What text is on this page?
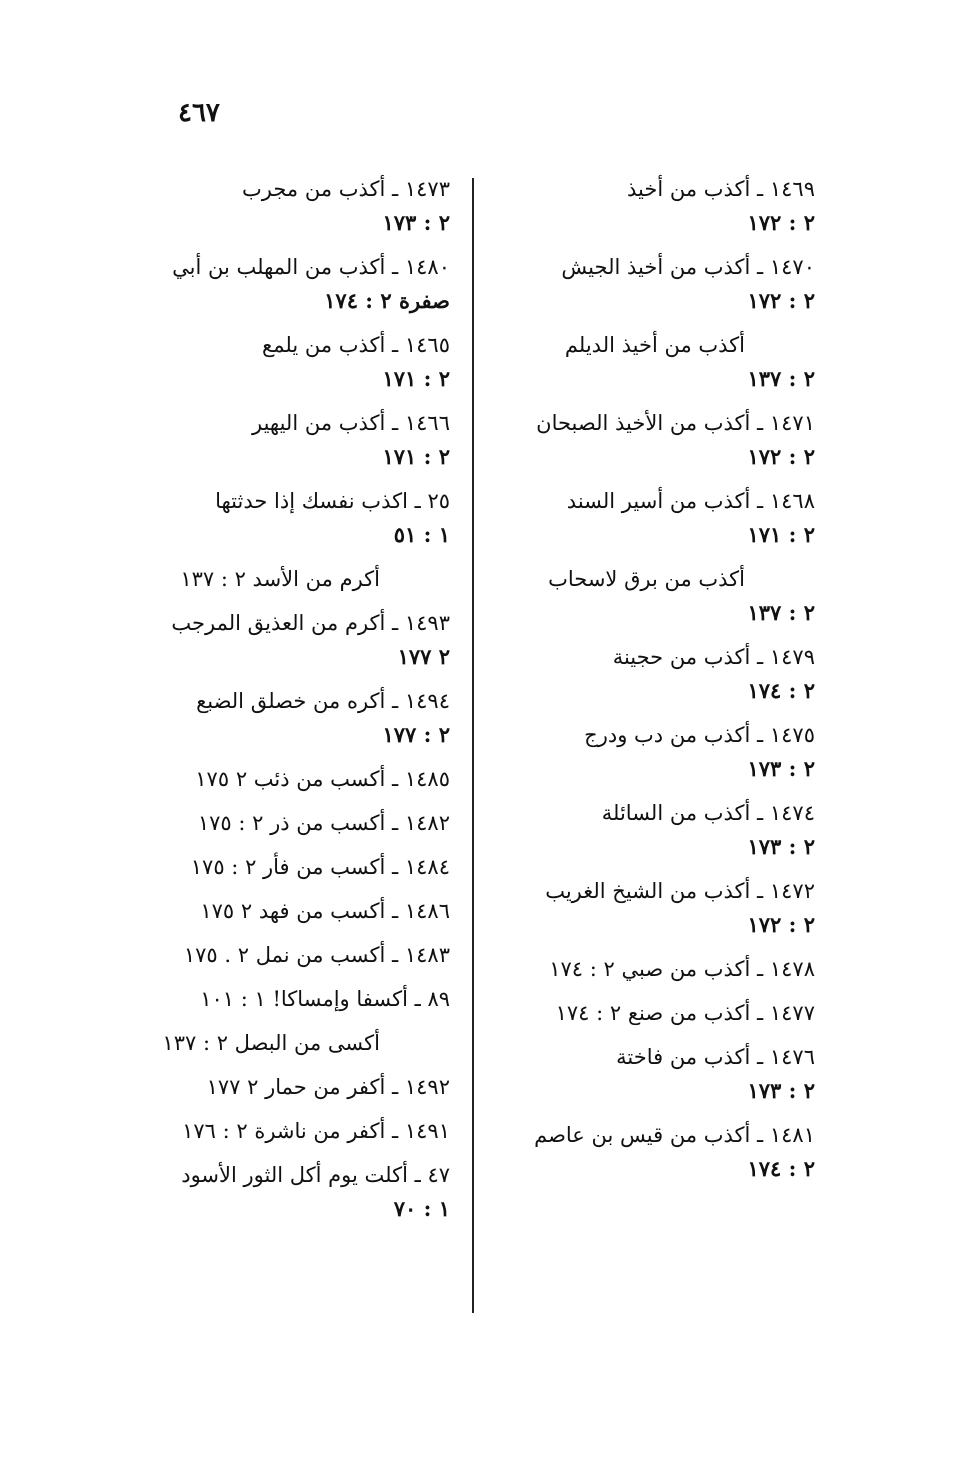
٤٦٧
١٤٦٩ ـ أكذب من أخيذ
٢ : ١٧٢
١٤٧٠ ـ أكذب من أخيذ الجيش
٢ : ١٧٢
أكذب من أخيذ الديلم
٢ : ١٣٧
١٤٧١ ـ أكذب من الأخيذ الصبحان
٢ : ١٧٢
١٤٦٨ ـ أكذب من أسير السند
٢ : ١٧١
أكذب من برق لاسحاب
٢ : ١٣٧
١٤٧٩ ـ أكذب من حجينة
٢ : ١٧٤
١٤٧٥ ـ أكذب من دب ودرج
٢ : ١٧٣
١٤٧٤ ـ أكذب من السائلة
٢ : ١٧٣
١٤٧٢ ـ أكذب من الشيخ الغريب
٢ : ١٧٢
١٤٧٨ ـ أكذب من صبي ٢ : ١٧٤
١٤٧٧ ـ أكذب من صنع ٢ : ١٧٤
١٤٧٦ ـ أكذب من فاختة
٢ : ١٧٣
١٤٨١ ـ أكذب من قيس بن عاصم
٢ : ١٧٤
١٤٧٣ ـ أكذب من مجرب
٢ : ١٧٣
١٤٨٠ ـ أكذب من المهلب بن أبي
صفرة ٢ : ١٧٤
١٤٦٥ ـ أكذب من يلمع
٢ : ١٧١
١٤٦٦ ـ أكذب من اليهير
٢ : ١٧١
٢٥ ـ اكذب نفسك إذا حدثتها
١ : ٥١
أكرم من الأسد ٢ : ١٣٧
١٤٩٣ ـ أكرم من العذيق المرجب
٢ ١٧٧
١٤٩٤ ـ أكره من خصلق الضبع
٢ : ١٧٧
١٤٨٥ ـ أكسب من ذئب ٢ ١٧٥
١٤٨٢ ـ أكسب من ذر ٢ : ١٧٥
١٤٨٤ ـ أكسب من فأر ٢ : ١٧٥
١٤٨٦ ـ أكسب من فهد ٢ ١٧٥
١٤٨٣ ـ أكسب من نمل ٢ . ١٧٥
٨٩ ـ أكسفا وإمساكا! ١ : ١٠١
أكسى من البصل ٢ : ١٣٧
١٤٩٢ ـ أكفر من حمار ٢ ١٧٧
١٤٩١ ـ أكفر من ناشرة ٢ : ١٧٦
٤٧ ـ أكلت يوم أكل الثور الأسود
١ : ٧٠
